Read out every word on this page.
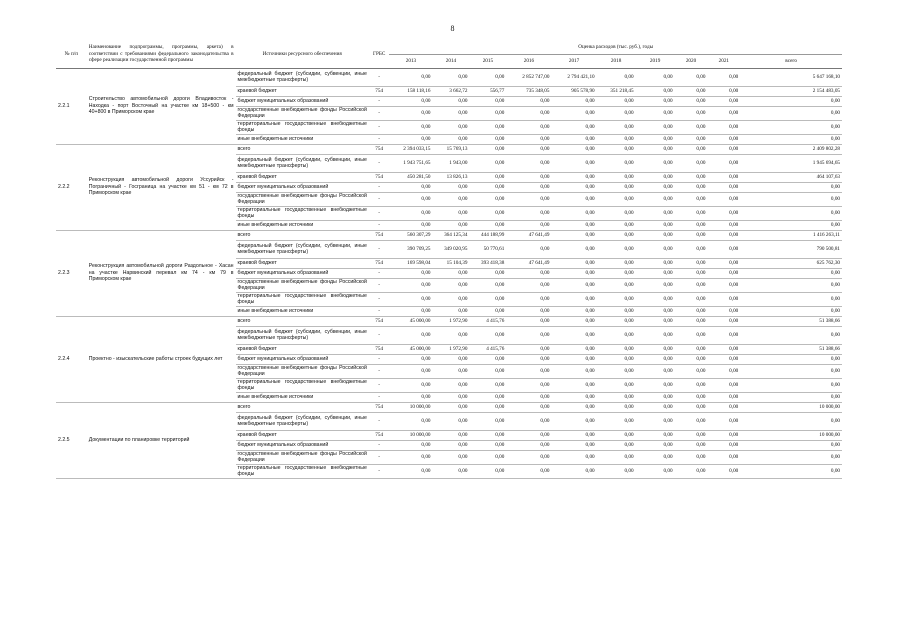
8
№ п/п	Наименование подпрограммы, программы, аркета) в соответствии с требованиями федерального законодательства в сфере реализации государственной программы	Источники ресурсного обеспечения	ГРБС	Оценка расходов (тыс. руб.), годы									
				2013	2014	2015	2016	2017	2018	2019	2020	2021	всего
2.2.1	Строительство автомобильной дороги Владивосток - Находка - порт Восточный на участке км 18+500 - км 40+800 в Приморском крае	федеральный бюджет (субсидии, субвенции, иные межбюджетные трансферты)	-	0,00	0,00	0,00	2 852 747,00	2 794 421,10	0,00	0,00	0,00	0,00	5 647 168,10
		краевой бюджет	754	158 118,16	3 662,72	556,77	735 348,05	905 578,90	351 218,45	0,00	0,00	0,00	2 154 483,05
		бюджет муниципальных образований	-	0,00	0,00	0,00	0,00	0,00	0,00	0,00	0,00	0,00	0,00
		государственные внебюджетные фонды Российской Федерации	-	0,00	0,00	0,00	0,00	0,00	0,00	0,00	0,00	0,00	0,00
		территориальные государственные внебюджетные фонды	-	0,00	0,00	0,00	0,00	0,00	0,00	0,00	0,00	0,00	0,00
		иные внебюджетные источники	-	0,00	0,00	0,00	0,00	0,00	0,00	0,00	0,00	0,00	0,00
2.2.2	Реконструкция автомобильной дороги Уссурийск - Пограничный - Госграница на участке км 51 - км 72 в Приморском крае	всего	754	2 394 033,15	15 769,13	0,00	0,00	0,00	0,00	0,00	0,00	0,00	2 409 802,28
		федеральный бюджет (субсидии, субвенции, иные межбюджетные трансферты)	-	1 943 751,65	1 943,00	0,00	0,00	0,00	0,00	0,00	0,00	0,00	1 945 694,65
		краевой бюджет	754	450 281,50	13 826,13	0,00	0,00	0,00	0,00	0,00	0,00	0,00	464 107,63
		бюджет муниципальных образований	-	0,00	0,00	0,00	0,00	0,00	0,00	0,00	0,00	0,00	0,00
		государственные внебюджетные фонды Российской Федерации	-	0,00	0,00	0,00	0,00	0,00	0,00	0,00	0,00	0,00	0,00
		территориальные государственные внебюджетные фонды	-	0,00	0,00	0,00	0,00	0,00	0,00	0,00	0,00	0,00	0,00
		иные внебюджетные источники	-	0,00	0,00	0,00	0,00	0,00	0,00	0,00	0,00	0,00	0,00
2.2.3	Реконструкция автомобильной дороги Раздольное - Хасан на участке Нарвинский перевал км 74 - км 79 в Приморском крае	всего	754	560 307,29	364 125,34	444 188,99	47 641,49	0,00	0,00	0,00	0,00	0,00	1 416 263,11
		федеральный бюджет (субсидии, субвенции, иные межбюджетные трансферты)	-	390 709,25	349 020,95	50 770,61	0,00	0,00	0,00	0,00	0,00	0,00	790 500,81
		краевой бюджет	754	169 598,04	15 104,39	393 418,38	47 641,49	0,00	0,00	0,00	0,00	0,00	625 762,30
		бюджет муниципальных образований	-	0,00	0,00	0,00	0,00	0,00	0,00	0,00	0,00	0,00	0,00
		государственные внебюджетные фонды Российской Федерации	-	0,00	0,00	0,00	0,00	0,00	0,00	0,00	0,00	0,00	0,00
		территориальные государственные внебюджетные фонды	-	0,00	0,00	0,00	0,00	0,00	0,00	0,00	0,00	0,00	0,00
		иные внебюджетные источники	-	0,00	0,00	0,00	0,00	0,00	0,00	0,00	0,00	0,00	0,00
2.2.4	Проектно - изыскательские работы строек будущих лет	всего	754	45 000,00	1 972,90	4 415,76	0,00	0,00	0,00	0,00	0,00	0,00	51 388,66
		федеральный бюджет (субсидии, субвенции, иные межбюджетные трансферты)	-	0,00	0,00	0,00	0,00	0,00	0,00	0,00	0,00	0,00	0,00
		краевой бюджет	754	45 000,00	1 972,90	4 415,76	0,00	0,00	0,00	0,00	0,00	0,00	51 388,66
		бюджет муниципальных образований	-	0,00	0,00	0,00	0,00	0,00	0,00	0,00	0,00	0,00	0,00
		государственные внебюджетные фонды Российской Федерации	-	0,00	0,00	0,00	0,00	0,00	0,00	0,00	0,00	0,00	0,00
		территориальные государственные внебюджетные фонды	-	0,00	0,00	0,00	0,00	0,00	0,00	0,00	0,00	0,00	0,00
		иные внебюджетные источники	-	0,00	0,00	0,00	0,00	0,00	0,00	0,00	0,00	0,00	0,00
2.2.5	Документации по планировке территорий	всего	754	10 000,00	0,00	0,00	0,00	0,00	0,00	0,00	0,00	0,00	10 000,00
		федеральный бюджет (субсидии, субвенции, иные межбюджетные трансферты)	-	0,00	0,00	0,00	0,00	0,00	0,00	0,00	0,00	0,00	0,00
		краевой бюджет	754	10 000,00	0,00	0,00	0,00	0,00	0,00	0,00	0,00	0,00	10 000,00
		бюджет муниципальных образований	-	0,00	0,00	0,00	0,00	0,00	0,00	0,00	0,00	0,00	0,00
		государственные внебюджетные фонды Российской Федерации	-	0,00	0,00	0,00	0,00	0,00	0,00	0,00	0,00	0,00	0,00
		территориальные государственные внебюджетные фонды	-	0,00	0,00	0,00	0,00	0,00	0,00	0,00	0,00	0,00	0,00
